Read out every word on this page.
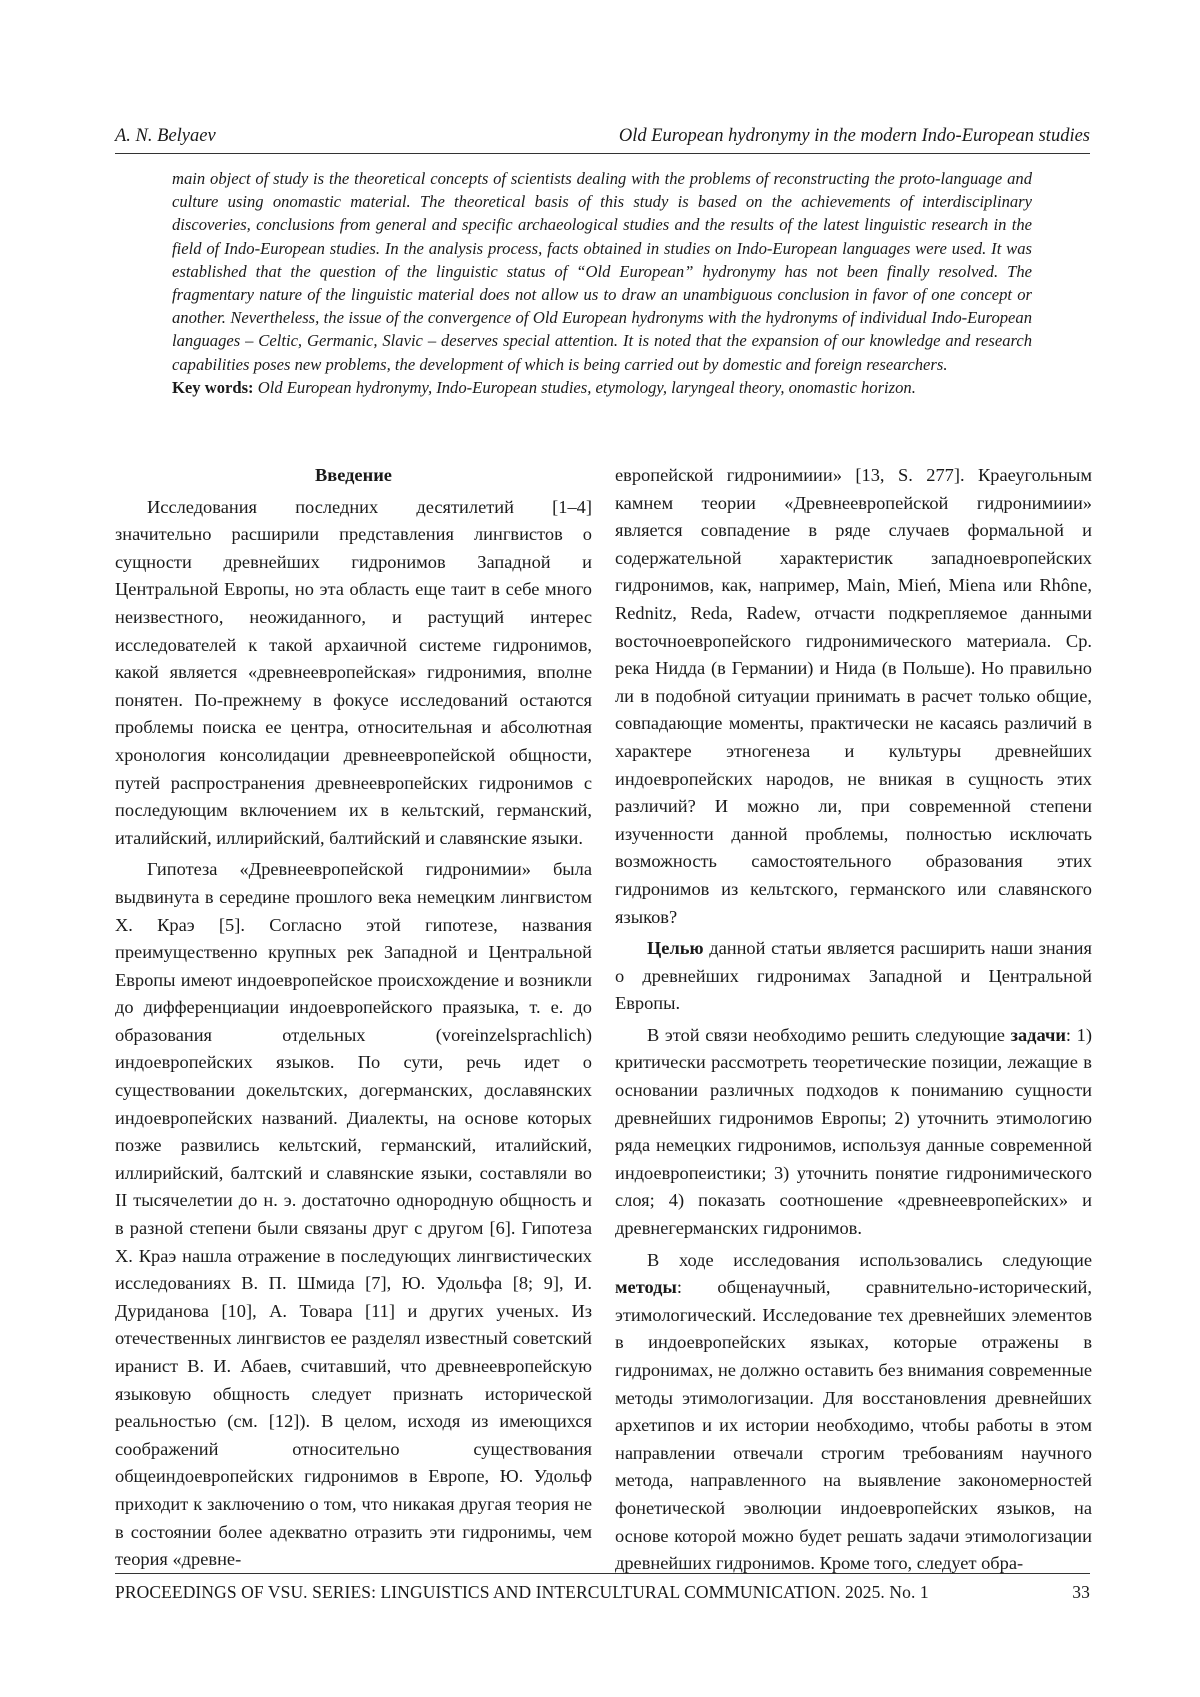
A. N. Belyaev	Old European hydronymy in the modern Indo-European studies

main object of study is the theoretical concepts of scientists dealing with the problems of reconstructing the proto-language and culture using onomastic material. The theoretical basis of this study is based on the achievements of interdisciplinary discoveries, conclusions from general and specific archaeological studies and the results of the latest linguistic research in the field of Indo-European studies. In the analysis process, facts obtained in studies on Indo-European languages were used. It was established that the question of the linguistic status of “Old European” hydronymy has not been finally resolved. The fragmentary nature of the linguistic material does not allow us to draw an unambiguous conclusion in favor of one concept or another. Nevertheless, the issue of the convergence of Old European hydronyms with the hydronyms of individual Indo-European languages – Celtic, Germanic, Slavic – deserves special attention. It is noted that the expansion of our knowledge and research capabilities poses new problems, the development of which is being carried out by domestic and foreign researchers.

Key words: Old European hydronymy, Indo-European studies, etymology, laryngeal theory, onomastic horizon.

Введение

Исследования последних десятилетий [1–4] значительно расширили представления лингвистов о сущности древнейших гидронимов Западной и Центральной Европы, но эта область еще таит в себе много неизвестного, неожиданного, и растущий интерес исследователей к такой архаичной системе гидронимов, какой является «древнеевропейская» гидронимия, вполне понятен. По-прежнему в фокусе исследований остаются проблемы поиска ее центра, относительная и абсолютная хронология консолидации древнеевропейской общности, путей распространения древнеевропейских гидронимов с последующим включением их в кельтский, германский, италийский, иллирийский, балтийский и славянские языки.

Гипотеза «Древнеевропейской гидронимии» была выдвинута в середине прошлого века немецким лингвистом Х. Краэ [5]. Согласно этой гипотезе, названия преимущественно крупных рек Западной и Центральной Европы имеют индоевропейское происхождение и возникли до дифференциации индоевропейского праязыка, т. е. до образования отдельных (voreinzelsprachlich) индоевропейских языков. По сути, речь идет о существовании докельтских, догерманских, дославянских индоевропейских названий. Диалекты, на основе которых позже развились кельтский, германский, италийский, иллирийский, балтский и славянские языки, составляли во II тысячелетии до н. э. достаточно однородную общность и в разной степени были связаны друг с другом [6]. Гипотеза Х. Краэ нашла отражение в последующих лингвистических исследованиях В. П. Шмида [7], Ю. Удольфа [8; 9], И. Дуриданова [10], А. Товара [11] и других ученых. Из отечественных лингвистов ее разделял известный советский иранист В. И. Абаев, считавший, что древнеевропейскую языковую общность следует признать исторической реальностью (см. [12]). В целом, исходя из имеющихся соображений относительно существования общеиндоевропейских гидронимов в Европе, Ю. Удольф приходит к заключению о том, что никакая другая теория не в состоянии более адекватно отразить эти гидронимы, чем теория «древне-

европейской гидронимиии» [13, S. 277]. Краеугольным камнем теории «Древнеевропейской гидронимиии» является совпадение в ряде случаев формальной и содержательной характеристик западноевропейских гидронимов, как, например, Main, Mień, Miena или Rhône, Rednitz, Reda, Radew, отчасти подкрепляемое данными восточноевропейского гидронимического материала. Ср. река Нидда (в Германии) и Нида (в Польше). Но правильно ли в подобной ситуации принимать в расчет только общие, совпадающие моменты, практически не касаясь различий в характере этногенеза и культуры древнейших индоевропейских народов, не вникая в сущность этих различий? И можно ли, при современной степени изученности данной проблемы, полностью исключать возможность самостоятельного образования этих гидронимов из кельтского, германского или славянского языков?

Целью данной статьи является расширить наши знания о древнейших гидронимах Западной и Центральной Европы.

В этой связи необходимо решить следующие задачи: 1) критически рассмотреть теоретические позиции, лежащие в основании различных подходов к пониманию сущности древнейших гидронимов Европы; 2) уточнить этимологию ряда немецких гидронимов, используя данные современной индоевропеистики; 3) уточнить понятие гидронимического слоя; 4) показать соотношение «древнеевропейских» и древнегерманских гидронимов.

В ходе исследования использовались следующие методы: общенаучный, сравнительно-исторический, этимологический. Исследование тех древнейших элементов в индоевропейских языках, которые отражены в гидронимах, не должно оставить без внимания современные методы этимологизации. Для восстановления древнейших архетипов и их истории необходимо, чтобы работы в этом направлении отвечали строгим требованиям научного метода, направленного на выявление закономерностей фонетической эволюции индоевропейских языков, на основе которой можно будет решать задачи этимологизации древнейших гидронимов. Кроме того, следует обра-

PROCEEDINGS OF VSU. SERIES: LINGUISTICS AND INTERCULTURAL COMMUNICATION. 2025. No. 1	33
